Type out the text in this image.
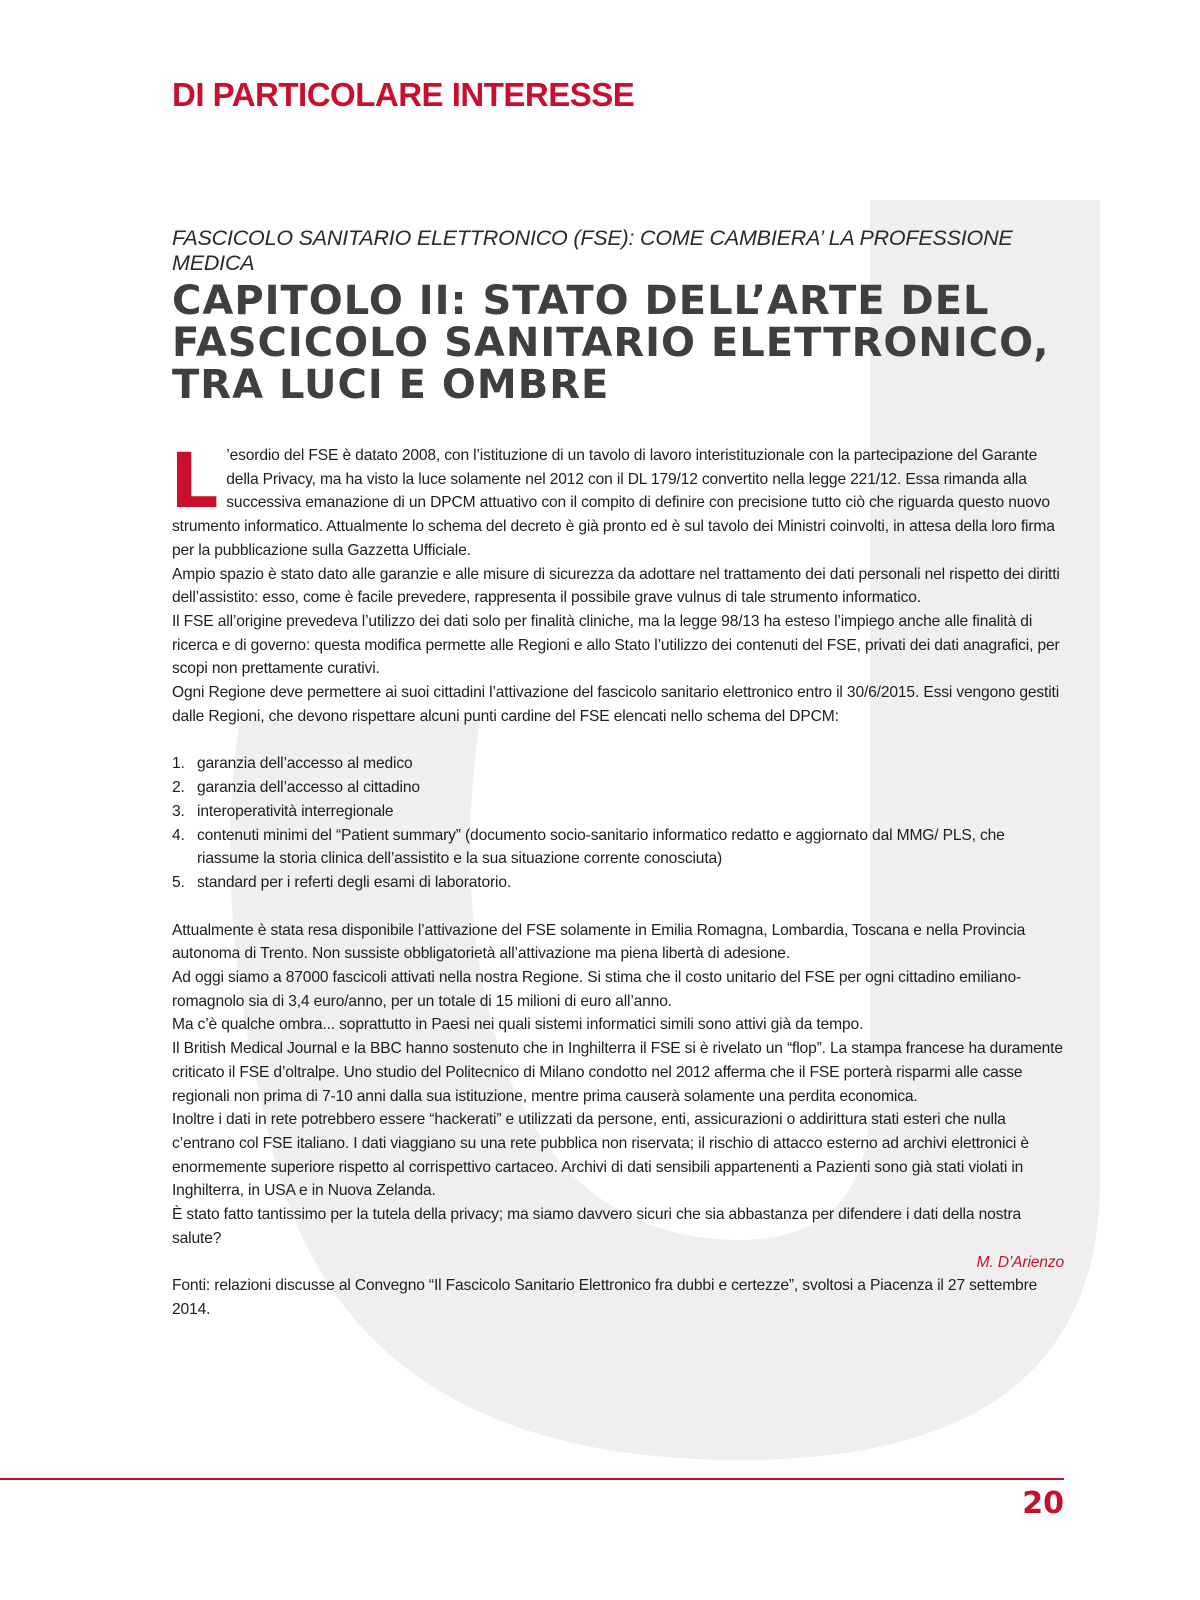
DI PARTICOLARE INTERESSE
FASCICOLO SANITARIO ELETTRONICO (FSE): COME CAMBIERA’ LA PROFESSIONE MEDICA
CAPITOLO II: STATO DELL’ARTE DEL
FASCICOLO SANITARIO ELETTRONICO,
TRA LUCI E OMBRE

L ’esordio del FSE è datato 2008, con l’istituzione di un tavolo di lavoro interistituzionale con la partecipazione del Garante della Privacy, ma ha visto la luce solamente nel 2012 con il DL 179/12 convertito nella legge 221/12. Essa rimanda alla successiva emanazione di un DPCM attuativo con il compito di definire con precisione tutto ciò che riguarda questo nuovo strumento informatico. Attualmente lo schema del decreto è già pronto ed è sul tavolo dei Ministri coinvolti, in attesa della loro firma per la pubblicazione sulla Gazzetta Ufficiale.

Ampio spazio è stato dato alle garanzie e alle misure di sicurezza da adottare nel trattamento dei dati personali nel rispetto dei diritti dell’assistito: esso, come è facile prevedere, rappresenta il possibile grave vulnus di tale strumento informatico.

Il FSE all’origine prevedeva l’utilizzo dei dati solo per finalità cliniche, ma la legge 98/13 ha esteso l’impiego anche alle finalità di ricerca e di governo: questa modifica permette alle Regioni e allo Stato l’utilizzo dei contenuti del FSE, privati dei dati anagrafici, per scopi non prettamente curativi.

Ogni Regione deve permettere ai suoi cittadini l’attivazione del fascicolo sanitario elettronico entro il 30/6/2015. Essi vengono gestiti dalle Regioni, che devono rispettare alcuni punti cardine del FSE elencati nello schema del DPCM:

1. garanzia dell’accesso al medico
2. garanzia dell’accesso al cittadino
3. interoperatività interregionale
4. contenuti minimi del “Patient summary” (documento socio-sanitario informatico redatto e aggiornato dal MMG/ PLS, che riassume la storia clinica dell’assistito e la sua situazione corrente conosciuta)
5. standard per i referti degli esami di laboratorio.

Attualmente è stata resa disponibile l’attivazione del FSE solamente in Emilia Romagna, Lombardia, Toscana e nella Provincia autonoma di Trento. Non sussiste obbligatorietà all’attivazione ma piena libertà di adesione.

Ad oggi siamo a 87000 fascicoli attivati nella nostra Regione. Si stima che il costo unitario del FSE per ogni cittadino emiliano-romagnolo sia di 3,4 euro/anno, per un totale di 15 milioni di euro all’anno.

Ma c’è qualche ombra... soprattutto in Paesi nei quali sistemi informatici simili sono attivi già da tempo.

Il British Medical Journal e la BBC hanno sostenuto che in Inghilterra il FSE si è rivelato un “flop”. La stampa francese ha duramente criticato il FSE d’oltralpe. Uno studio del Politecnico di Milano condotto nel 2012 afferma che il FSE porterà risparmi alle casse regionali non prima di 7-10 anni dalla sua istituzione, mentre prima causerà solamente una perdita economica.

Inoltre i dati in rete potrebbero essere “hackerati” e utilizzati da persone, enti, assicurazioni o addirittura stati esteri che nulla c’entrano col FSE italiano. I dati viaggiano su una rete pubblica non riservata; il rischio di attacco esterno ad archivi elettronici è enormemente superiore rispetto al corrispettivo cartaceo. Archivi di dati sensibili appartenenti a Pazienti sono già stati violati in Inghilterra, in USA e in Nuova Zelanda.

È stato fatto tantissimo per la tutela della privacy; ma siamo davvero sicuri che sia abbastanza per difendere i dati della nostra salute?

M. D’Arienzo

Fonti: relazioni discusse al Convegno “Il Fascicolo Sanitario Elettronico fra dubbi e certezze”, svoltosi a Piacenza il 27 settembre 2014.

20
